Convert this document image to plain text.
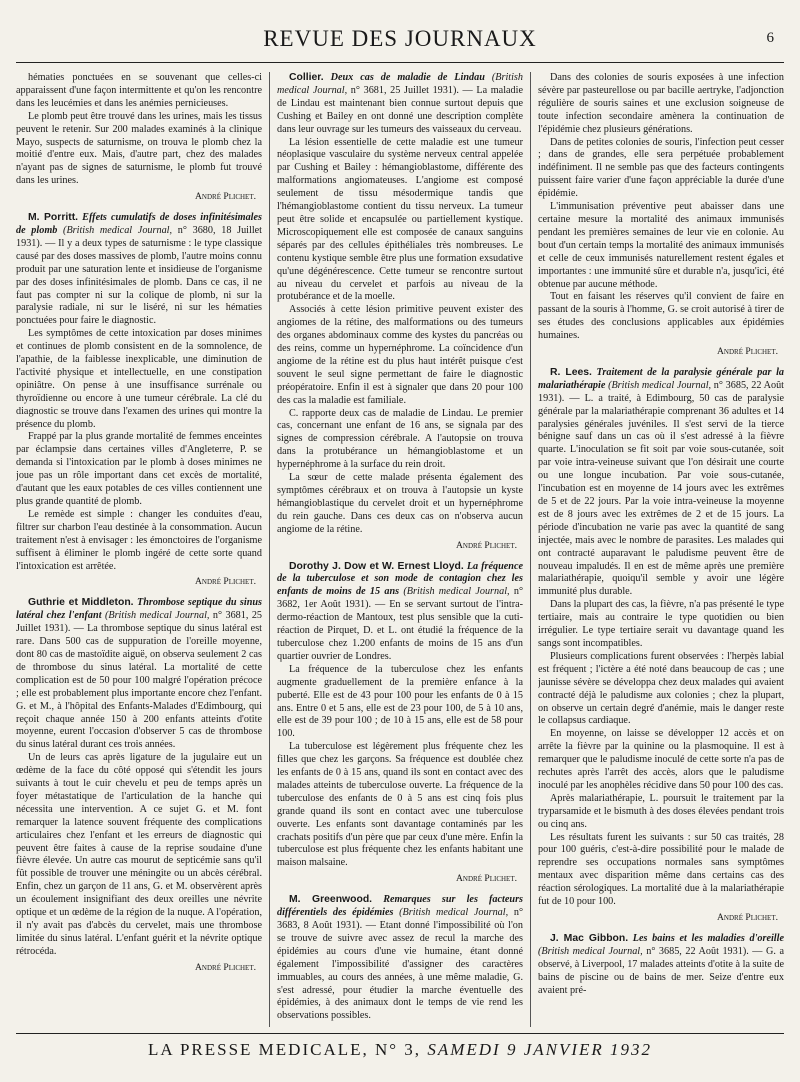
REVUE DES JOURNAUX	6

hématies ponctuées en se souvenant que celles-ci apparaissent d'une façon intermittente et qu'on les rencontre dans les leucémies et dans les anémies pernicieuses.

Le plomb peut être trouvé dans les urines, mais les tissus peuvent le retenir. Sur 200 malades examinés à la clinique Mayo, suspects de saturnisme, on trouva le plomb chez la moitié d'entre eux. Mais, d'autre part, chez des malades n'ayant pas de signes de saturnisme, le plomb fut trouvé dans les urines.

André Plichet.

M. Porritt. Effets cumulatifs de doses infinitésimales de plomb (British medical Journal, n° 3680, 18 Juillet 1931). — Il y a deux types de saturnisme : le type classique causé par des doses massives de plomb, l'autre moins connu produit par une saturation lente et insidieuse de l'organisme par des doses infinitésimales de plomb. Dans ce cas, il ne faut pas compter ni sur la colique de plomb, ni sur la paralysie radiale, ni sur le liséré, ni sur les hématies ponctuées pour faire le diagnostic.

Les symptômes de cette intoxication par doses minimes et continues de plomb consistent en de la somnolence, de l'apathie, de la faiblesse inexplicable, une diminution de l'activité physique et intellectuelle, en une constipation opiniâtre. On pense à une insuffisance surrénale ou thyroïdienne ou encore à une tumeur cérébrale. La clé du diagnostic se trouve dans l'examen des urines qui montre la présence du plomb.

Frappé par la plus grande mortalité de femmes enceintes par éclampsie dans certaines villes d'Angleterre, P. se demanda si l'intoxication par le plomb à doses minimes ne joue pas un rôle important dans cet excès de mortalité, d'autant que les eaux potables de ces villes contiennent une plus grande quantité de plomb.

Le remède est simple : changer les conduites d'eau, filtrer sur charbon l'eau destinée à la consommation. Aucun traitement n'est à envisager : les émonctoires de l'organisme suffisent à éliminer le plomb ingéré de cette sorte quand l'intoxication est arrêtée.

André Plichet.

Guthrie et Middleton. Thrombose septique du sinus latéral chez l'enfant (British medical Journal, n° 3681, 25 Juillet 1931). — La thrombose septique du sinus latéral est rare. Dans 500 cas de suppuration de l'oreille moyenne, dont 80 cas de mastoïdite aiguë, on observa seulement 2 cas de thrombose du sinus latéral. La mortalité de cette complication est de 50 pour 100 malgré l'opération précoce ; elle est probablement plus importante encore chez l'enfant. G. et M., à l'hôpital des Enfants-Malades d'Edimbourg, qui reçoit chaque année 150 à 200 enfants atteints d'otite moyenne, eurent l'occasion d'observer 5 cas de thrombose du sinus latéral durant ces trois années.

Un de leurs cas après ligature de la jugulaire eut un œdème de la face du côté opposé qui s'étendit les jours suivants à tout le cuir chevelu et peu de temps après un foyer métastatique de l'articulation de la hanche qui nécessita une intervention. A ce sujet G. et M. font remarquer la latence souvent fréquente des complications articulaires chez l'enfant et les erreurs de diagnostic qui peuvent être faites à cause de la reprise soudaine d'une fièvre élevée. Un autre cas mourut de septicémie sans qu'il fût possible de trouver une méningite ou un abcès cérébral. Enfin, chez un garçon de 11 ans, G. et M. observèrent après un écoulement insignifiant des deux oreilles une névrite optique et un œdème de la région de la nuque. A l'opération, il n'y avait pas d'abcès du cervelet, mais une thrombose limitée du sinus latéral. L'enfant guérit et la névrite optique rétrocéda.

André Plichet.

Collier. Deux cas de maladie de Lindau (British medical Journal, n° 3681, 25 Juillet 1931). — La maladie de Lindau est maintenant bien connue surtout depuis que Cushing et Bailey en ont donné une description complète dans leur ouvrage sur les tumeurs des vaisseaux du cerveau.

La lésion essentielle de cette maladie est une tumeur néoplasique vasculaire du système nerveux central appelée par Cushing et Bailey : hémangioblastome, différente des malformations angiomateuses. L'angiome est composé seulement de tissu mésodermique tandis que l'hémangioblastome contient du tissu nerveux. La tumeur peut être solide et encapsulée ou partiellement kystique. Microscopiquement elle est composée de canaux sanguins séparés par des cellules épithéliales très nombreuses. Le contenu kystique semble être plus une formation exsudative qu'une dégénérescence. Cette tumeur se rencontre surtout au niveau du cervelet et parfois au niveau de la protubérance et de la moelle.

Associés à cette lésion primitive peuvent exister des angiomes de la rétine, des malformations ou des tumeurs des organes abdominaux comme des kystes du pancréas ou des reins, comme un hypernéphrome. La coïncidence d'un angiome de la rétine est du plus haut intérêt puisque c'est souvent le seul signe permettant de faire le diagnostic préopératoire. Enfin il est à signaler que dans 20 pour 100 des cas la maladie est familiale.

C. rapporte deux cas de maladie de Lindau. Le premier cas, concernant une enfant de 16 ans, se signala par des signes de compression cérébrale. A l'autopsie on trouva dans la protubérance un hémangioblastome et un hypernéphrome à la surface du rein droit.

La sœur de cette malade présenta également des symptômes cérébraux et on trouva à l'autopsie un kyste hémangioblastique du cervelet droit et un hypernéphrome du rein gauche. Dans ces deux cas on n'observa aucun angiome de la rétine.

André Plichet.

Dorothy J. Dow et W. Ernest Lloyd. La fréquence de la tuberculose et son mode de contagion chez les enfants de moins de 15 ans (British medical Journal, n° 3682, 1er Août 1931). — En se servant surtout de l'intra-dermo-réaction de Mantoux, test plus sensible que la cuti-réaction de Pirquet, D. et L. ont étudié la fréquence de la tuberculose chez 1.200 enfants de moins de 15 ans d'un quartier ouvrier de Londres.

La fréquence de la tuberculose chez les enfants augmente graduellement de la première enfance à la puberté. Elle est de 43 pour 100 pour les enfants de 0 à 15 ans. Entre 0 et 5 ans, elle est de 23 pour 100, de 5 à 10 ans, elle est de 39 pour 100 ; de 10 à 15 ans, elle est de 58 pour 100.

La tuberculose est légèrement plus fréquente chez les filles que chez les garçons. Sa fréquence est doublée chez les enfants de 0 à 15 ans, quand ils sont en contact avec des malades atteints de tuberculose ouverte. La fréquence de la tuberculose des enfants de 0 à 5 ans est cinq fois plus grande quand ils sont en contact avec une tuberculose ouverte. Les enfants sont davantage contaminés par les crachats positifs d'un père que par ceux d'une mère. Enfin la tuberculose est plus fréquente chez les enfants habitant une maison malsaine.

André Plichet.

M. Greenwood. Remarques sur les facteurs différentiels des épidémies (British medical Journal, n° 3683, 8 Août 1931). — Etant donné l'impossibilité où l'on se trouve de suivre avec assez de recul la marche des épidémies au cours d'une vie humaine, étant donné également l'impossibilité d'assigner des caractères immuables, au cours des années, à une même maladie, G. s'est adressé, pour étudier la marche éventuelle des épidémies, à des animaux dont le temps de vie rend les observations possibles.

Dans des colonies de souris exposées à une infection sévère par pasteurellose ou par bacille aertryke, l'adjonction régulière de souris saines et une exclusion soigneuse de toute infection secondaire amènera la continuation de l'épidémie chez plusieurs générations.

Dans de petites colonies de souris, l'infection peut cesser ; dans de grandes, elle sera perpétuée probablement indéfiniment. Il ne semble pas que des facteurs contingents puissent faire varier d'une façon appréciable la durée d'une épidémie.

L'immunisation préventive peut abaisser dans une certaine mesure la mortalité des animaux immunisés pendant les premières semaines de leur vie en colonie. Au bout d'un certain temps la mortalité des animaux immunisés et celle de ceux immunisés naturellement restent égales et importantes : une immunité sûre et durable n'a, jusqu'ici, été obtenue par aucune méthode.

Tout en faisant les réserves qu'il convient de faire en passant de la souris à l'homme, G. se croit autorisé à tirer de ses études des conclusions applicables aux épidémies humaines.

André Plichet.

R. Lees. Traitement de la paralysie générale par la malariathérapie (British medical Journal, n° 3685, 22 Août 1931). — L. a traité, à Edimbourg, 50 cas de paralysie générale par la malariathérapie comprenant 36 adultes et 14 paralysies générales juvéniles. Il s'est servi de la tierce bénigne sauf dans un cas où il s'est adressé à la fièvre quarte. L'inoculation se fit soit par voie sous-cutanée, soit par voie intra-veineuse suivant que l'on désirait une courte ou une longue incubation. Par voie sous-cutanée, l'incubation est en moyenne de 14 jours avec les extrêmes de 5 et de 22 jours. Par la voie intra-veineuse la moyenne est de 8 jours avec les extrêmes de 2 et de 15 jours. La période d'incubation ne varie pas avec la quantité de sang injectée, mais avec le nombre de parasites. Les malades qui ont contracté auparavant le paludisme peuvent être de nouveau impaludés. Il en est de même après une première malariathérapie, quoiqu'il semble y avoir une légère immunité plus durable.

Dans la plupart des cas, la fièvre, n'a pas présenté le type tertiaire, mais au contraire le type quotidien ou bien irrégulier. Le type tertiaire serait vu davantage quand les sangs sont incompatibles.

Plusieurs complications furent observées : l'herpès labial est fréquent ; l'ictère a été noté dans beaucoup de cas ; une jaunisse sévère se développa chez deux malades qui avaient contracté déjà le paludisme aux colonies ; chez la plupart, on observe un certain degré d'anémie, mais le danger reste le collapsus cardiaque.

En moyenne, on laisse se développer 12 accès et on arrête la fièvre par la quinine ou la plasmoquine. Il est à remarquer que le paludisme inoculé de cette sorte n'a pas de rechutes après l'arrêt des accès, alors que le paludisme inoculé par les anophèles récidive dans 50 pour 100 des cas.

Après malariathérapie, L. poursuit le traitement par la tryparsamide et le bismuth à des doses élevées pendant trois ou cinq ans.

Les résultats furent les suivants : sur 50 cas traités, 28 pour 100 guéris, c'est-à-dire possibilité pour le malade de reprendre ses occupations normales sans symptômes mentaux avec disparition même dans certains cas des réaction sérologiques. La mortalité due à la malariathérapie fut de 10 pour 100.

André Plichet.

J. Mac Gibbon. Les bains et les maladies d'oreille (British medical Journal, n° 3685, 22 Août 1931). — G. a observé, à Liverpool, 17 malades atteints d'otite à la suite de bains de piscine ou de bains de mer. Seize d'entre eux avaient pré-

LA PRESSE MEDICALE, N° 3, SAMEDI 9 JANVIER 1932
